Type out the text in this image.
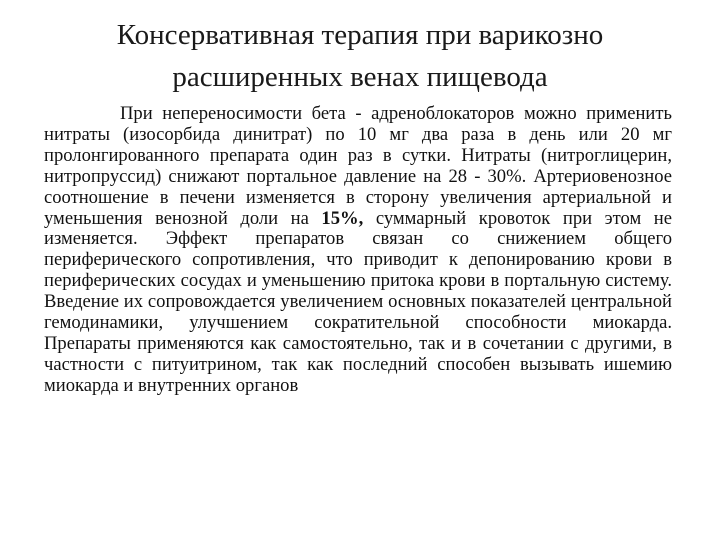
Консервативная терапия при варикозно
расширенных венах пищевода

При непереносимости бета - адреноблокаторов можно применить нитраты (изосорбида динитрат) по 10 мг два раза в день или 20 мг пролонгированного препарата один раз в сутки. Нитраты (нитроглицерин, нитропруссид) снижают портальное давление на 28 - 30%. Артериовенозное соотношение в печени изменяется в сторону увеличения артериальной и уменьшения венозной доли на 15%, суммарный кровоток при этом не изменяется. Эффект препаратов связан со снижением общего периферического сопротивления, что приводит к депонированию крови в периферических сосудах и уменьшению притока крови в портальную систему. Введение их сопровождается увеличением основных показателей центральной гемодинамики, улучшением сократительной способности миокарда. Препараты применяются как самостоятельно, так и в сочетании с другими, в частности с питуитрином, так как последний способен вызывать ишемию миокарда и внутренних органов
